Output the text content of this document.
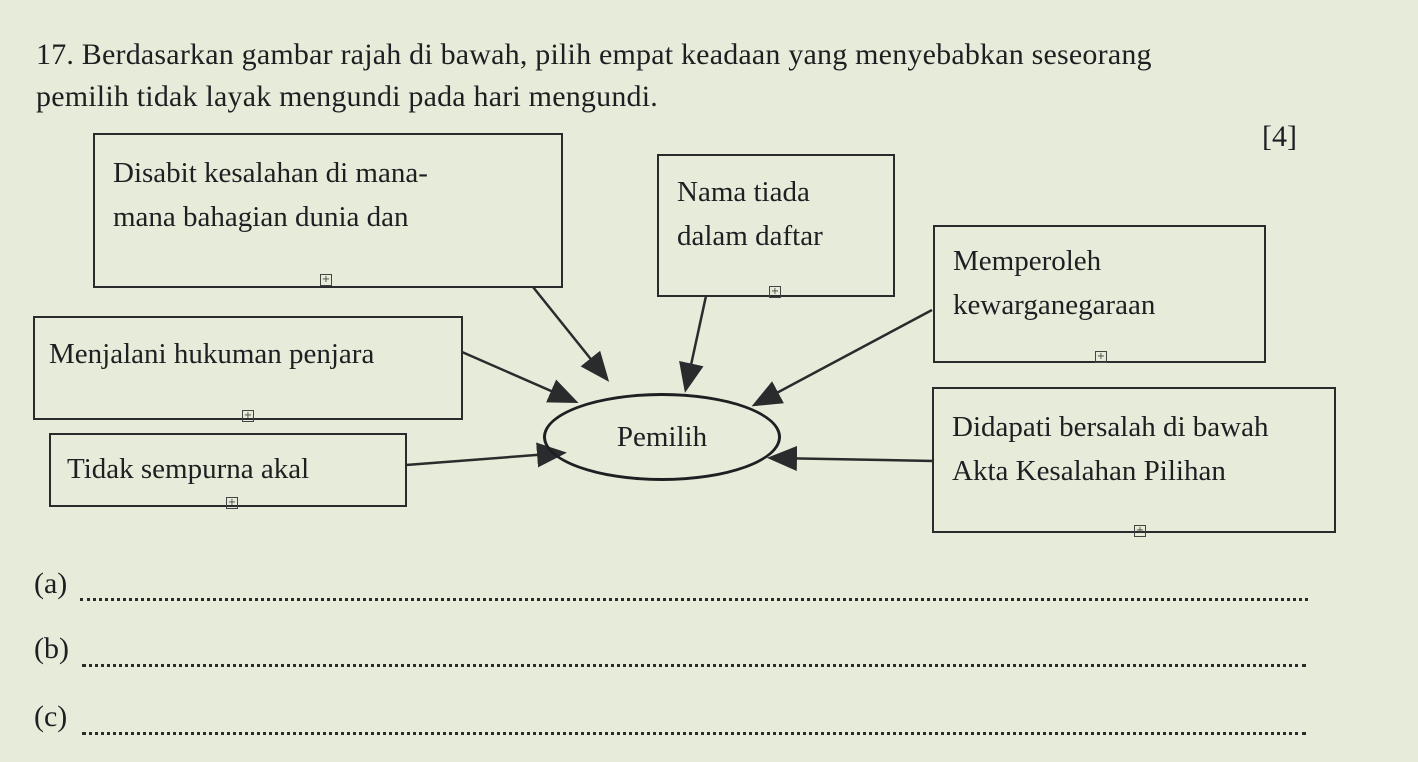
17. Berdasarkan gambar rajah di bawah, pilih empat keadaan yang menyebabkan seseorang
pemilih tidak layak mengundi pada hari mengundi.
[4]
Disabit kesalahan di mana-
mana bahagian dunia dan
+
Nama tiada
dalam daftar
+
Memperoleh
kewarganegaraan
+
Menjalani hukuman penjara
+	Didapati bersalah di bawah
Akta Kesalahan Pilihan
+
Tidak sempurna akal
+
Pemilih
(a)
(b)
(c)
